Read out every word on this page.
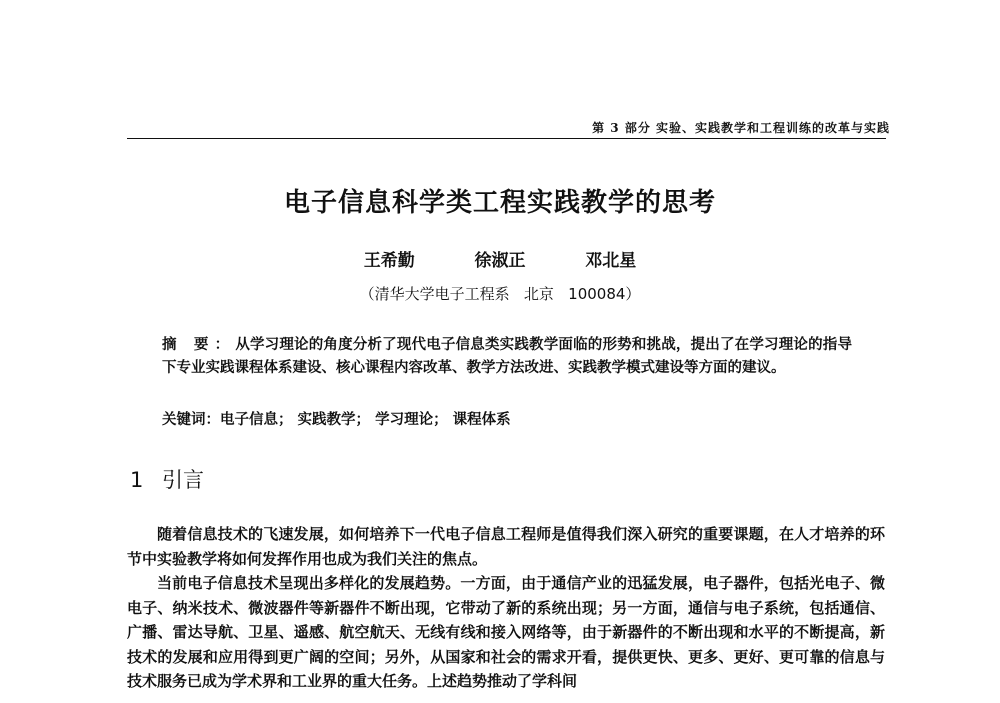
第 3 部分 实验、实践教学和工程训练的改革与实践
电子信息科学类工程实践教学的思考
王希勤   徐淑正   邓北星
（清华大学电子工程系   北京   100084）
摘 要：从学习理论的角度分析了现代电子信息类实践教学面临的形势和挑战，提出了在学习理论的指导下专业实践课程体系建设、核心课程内容改革、教学方法改进、实践教学模式建设等方面的建议。
关键词：电子信息； 实践教学； 学习理论； 课程体系
1 引言

随着信息技术的飞速发展，如何培养下一代电子信息工程师是值得我们深入研究的重要课题，在人才培养的环节中实验教学将如何发挥作用也成为我们关注的焦点。

当前电子信息技术呈现出多样化的发展趋势。一方面，由于通信产业的迅猛发展，电子器件，包括光电子、微电子、纳米技术、微波器件等新器件不断出现，它带动了新的系统出现；另一方面，通信与电子系统，包括通信、广播、雷达导航、卫星、遥感、航空航天、无线有线和接入网络等，由于新器件的不断出现和水平的不断提高，新技术的发展和应用得到更广阔的空间；另外，从国家和社会的需求开看，提供更快、更多、更好、更可靠的信息与技术服务已成为学术界和工业界的重大任务。上述趋势推动了学科间
